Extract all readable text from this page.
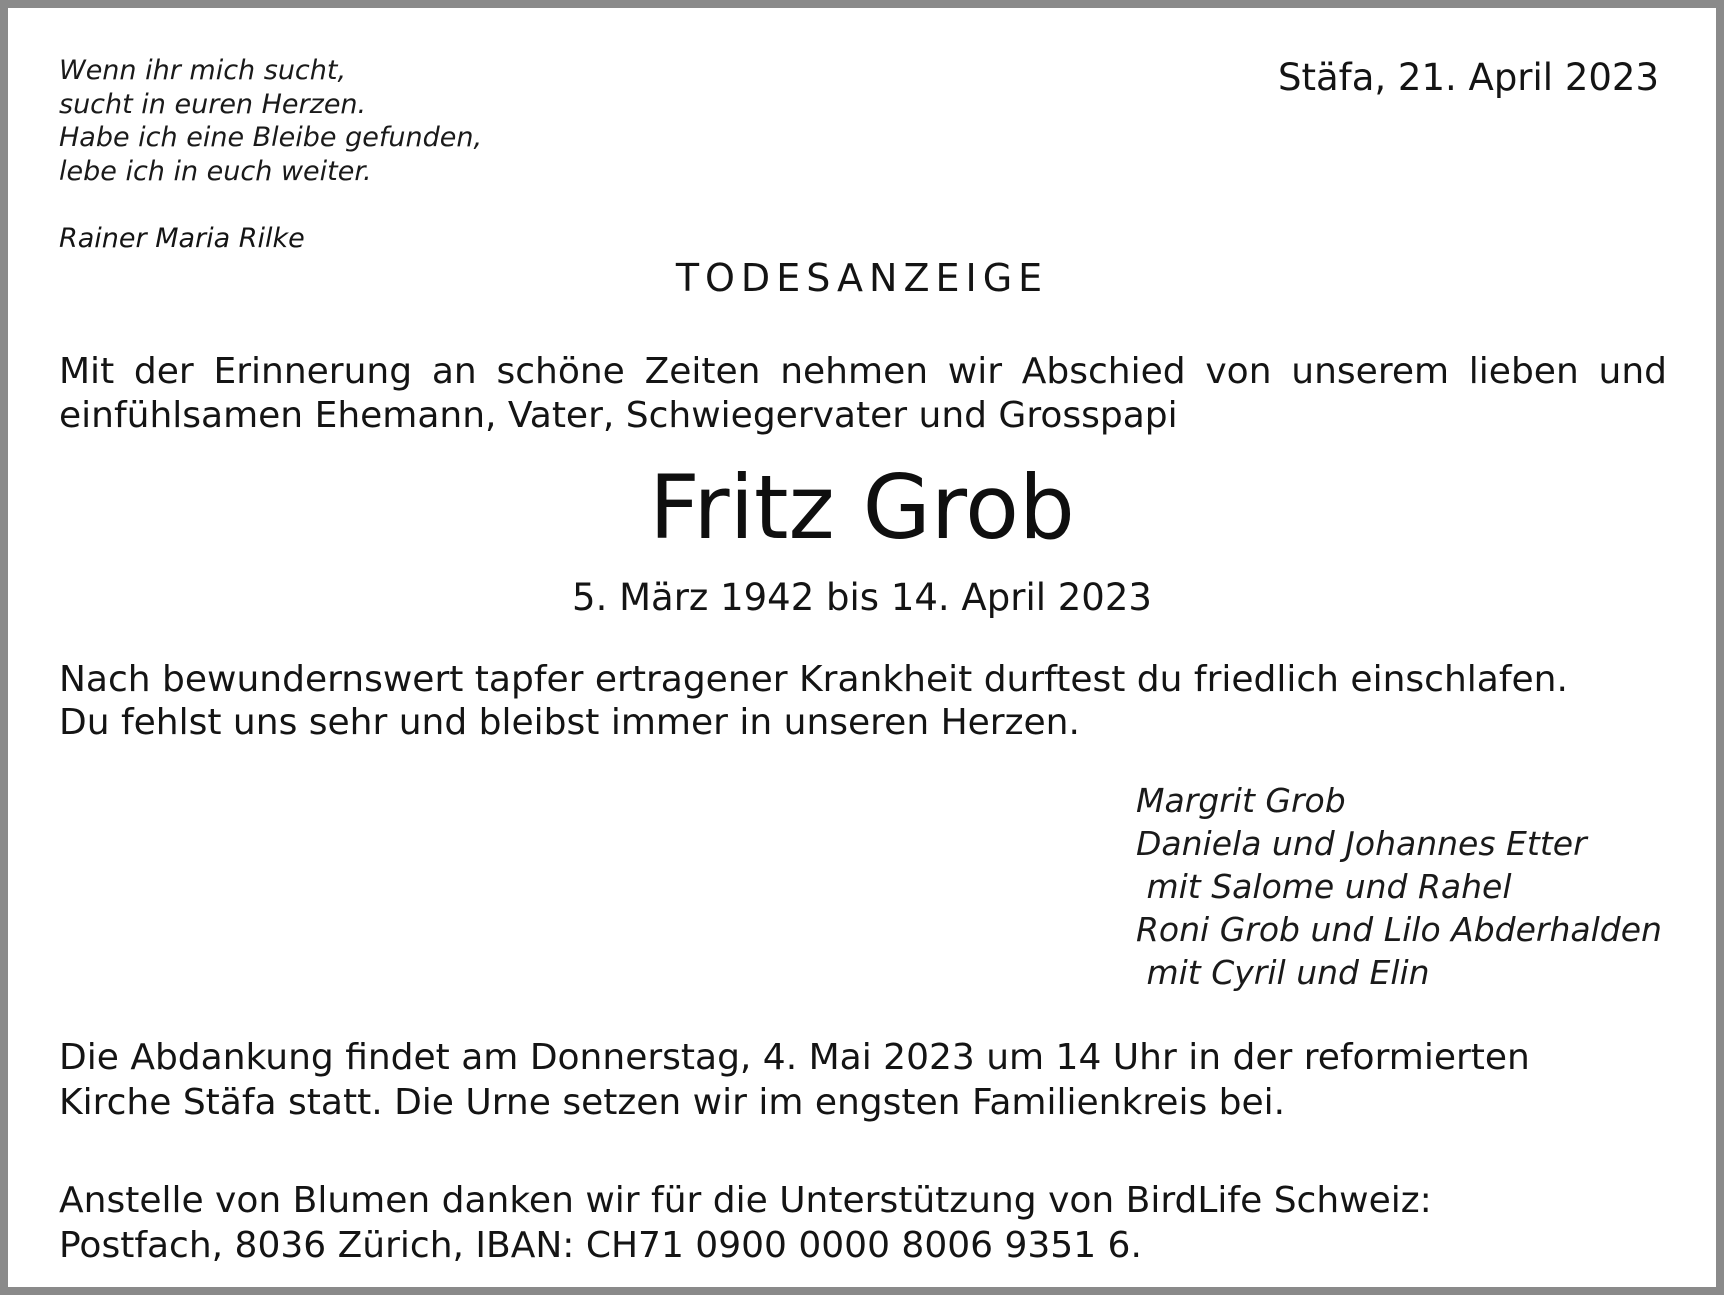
Wenn ihr mich sucht,
sucht in euren Herzen.
Habe ich eine Bleibe gefunden,
lebe ich in euch weiter.
Rainer Maria Rilke
Stäfa, 21. April 2023
TODESANZEIGE
Mit der Erinnerung an schöne Zeiten nehmen wir Abschied von unserem lieben und
einfühlsamen Ehemann, Vater, Schwiegervater und Grosspapi
Fritz Grob
5. März 1942 bis 14. April 2023
Nach bewundernswert tapfer ertragener Krankheit durftest du friedlich einschlafen.
Du fehlst uns sehr und bleibst immer in unseren Herzen.
Margrit Grob
Daniela und Johannes Etter
mit Salome und Rahel
Roni Grob und Lilo Abderhalden
mit Cyril und Elin
Die Abdankung findet am Donnerstag, 4. Mai 2023 um 14 Uhr in der reformierten
Kirche Stäfa statt. Die Urne setzen wir im engsten Familienkreis bei.
Anstelle von Blumen danken wir für die Unterstützung von BirdLife Schweiz:
Postfach, 8036 Zürich, IBAN: CH71 0900 0000 8006 9351 6.
